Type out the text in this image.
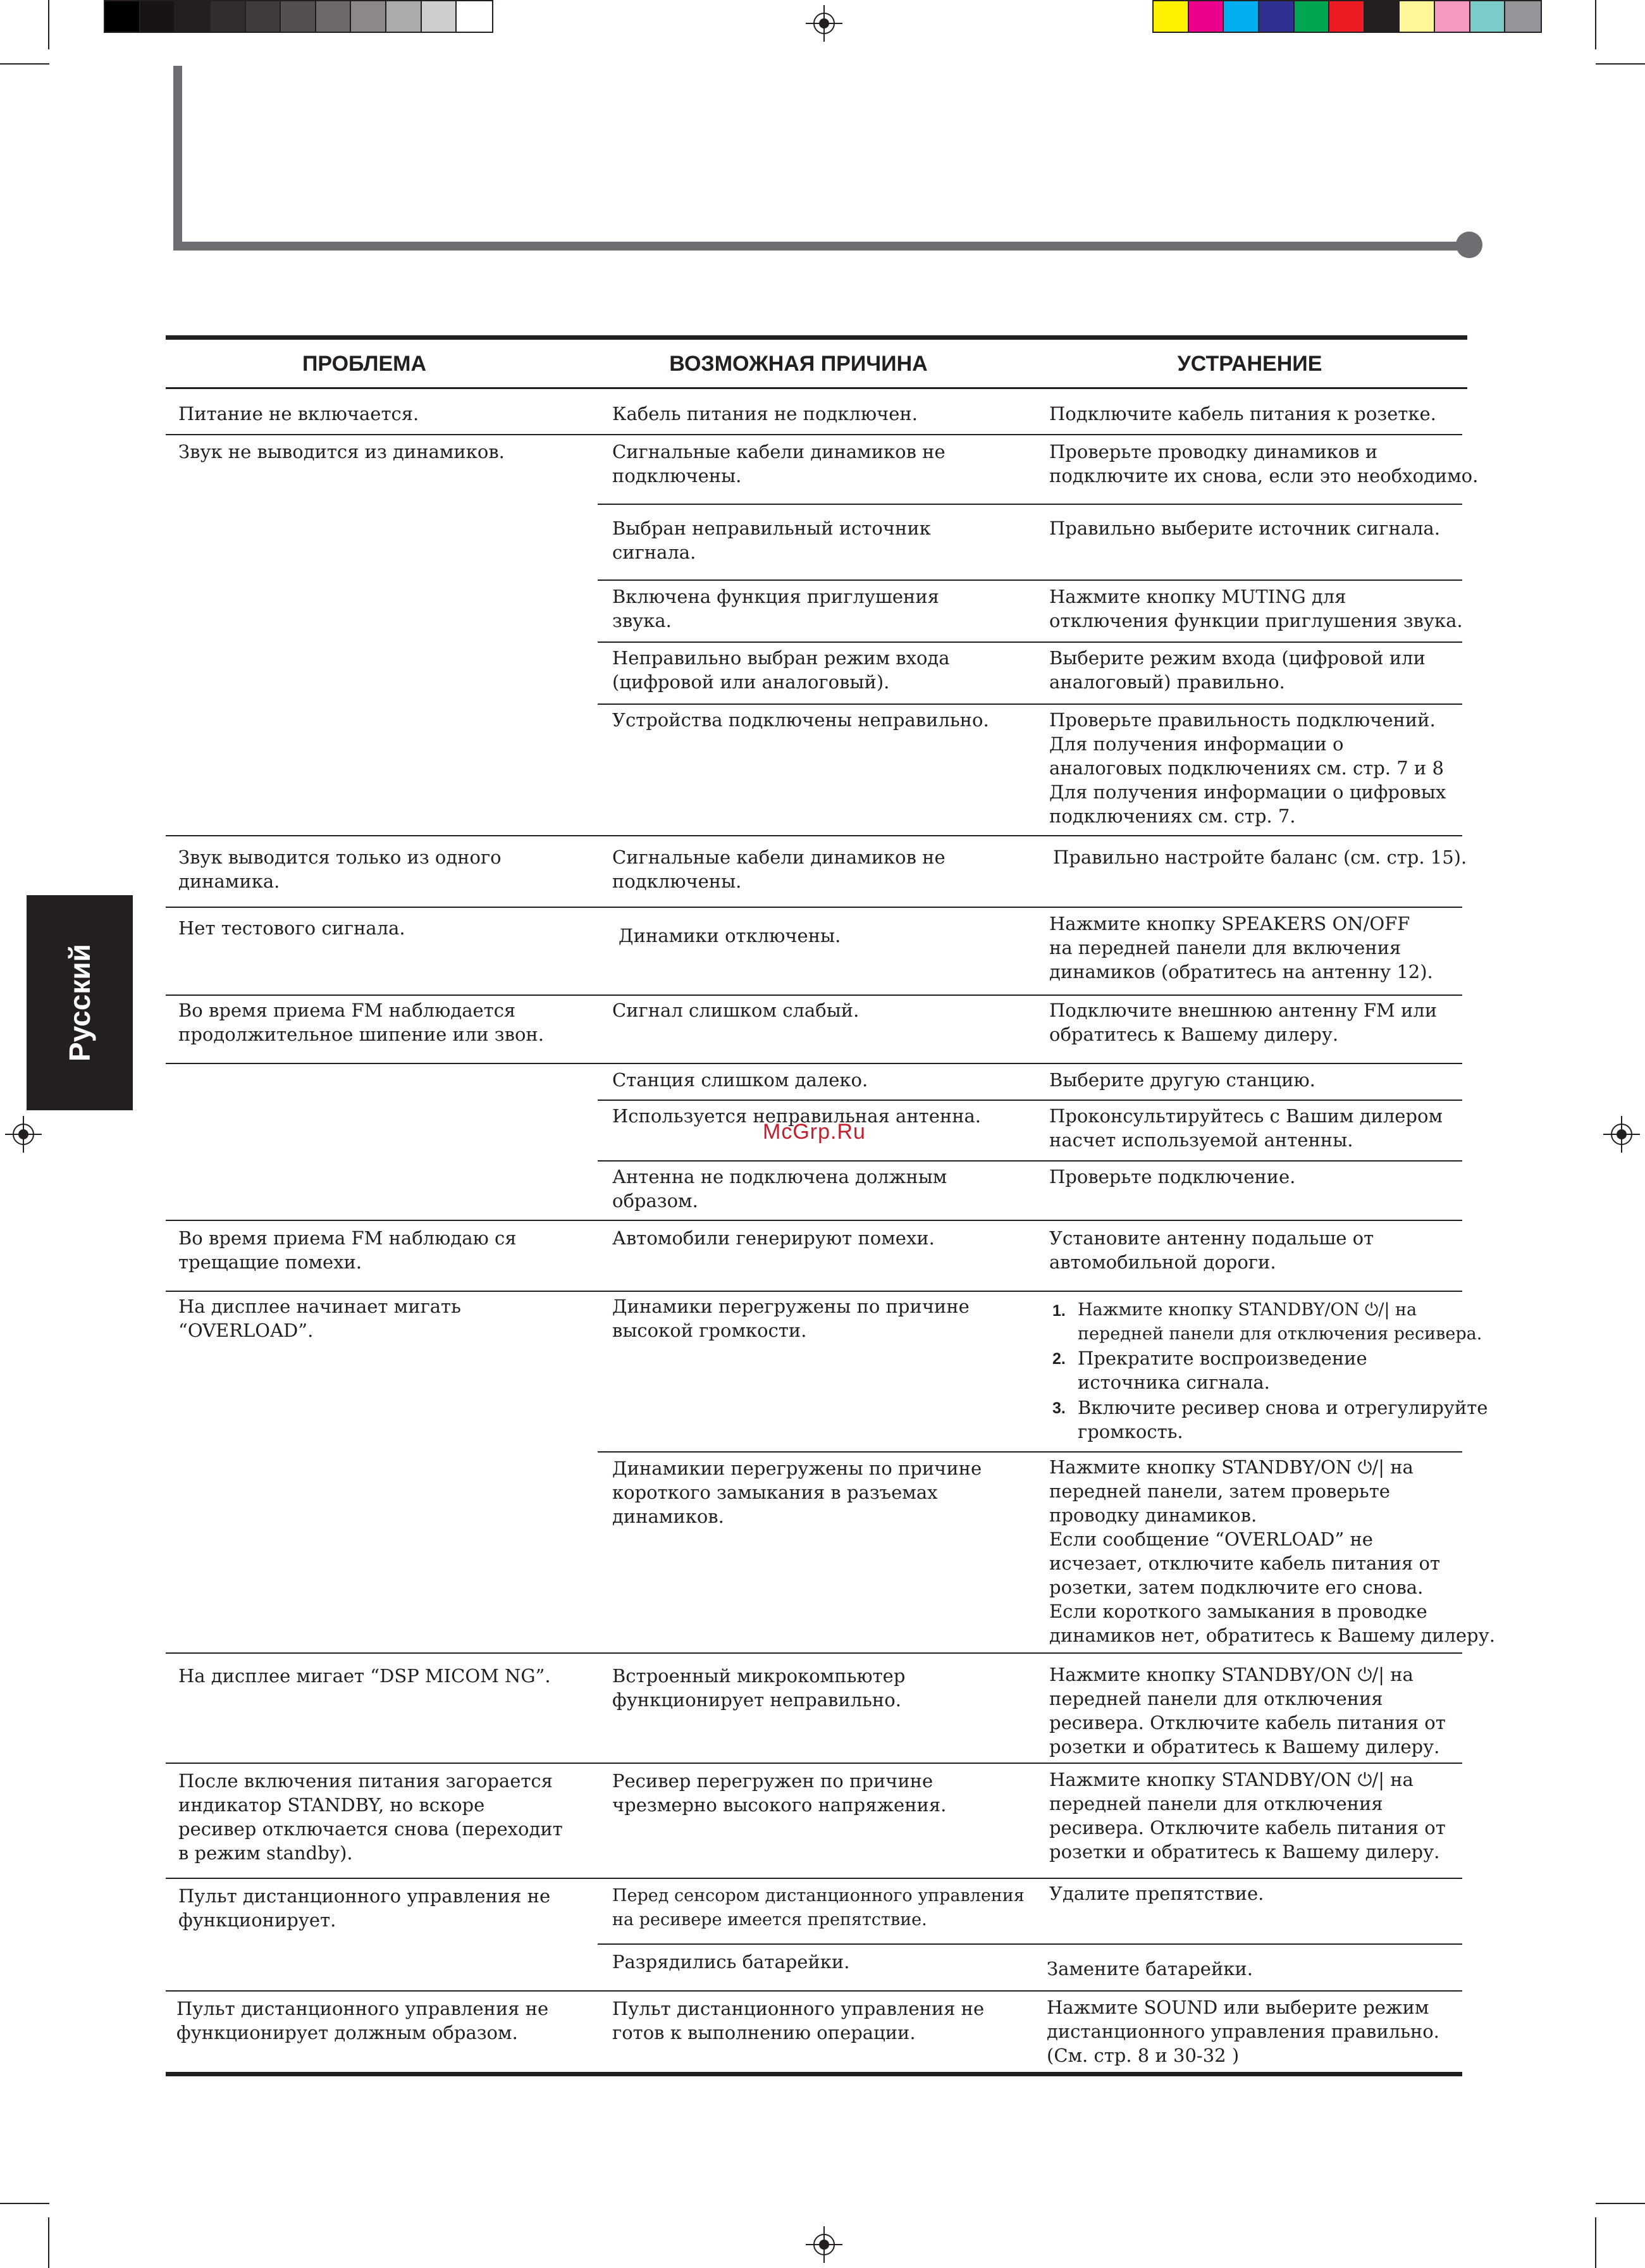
Русский
McGrp.Ru
ПРОБЛЕМА	ВОЗМОЖНАЯ ПРИЧИНА	УСТРАНЕНИЕ
Питание не включается.
Звук не выводится из динамиков.
Звук выводится только из одного
динамика.
Нет тестового сигнала.
Во время приема FM наблюдается
продолжительное шипение или звон.
Во время приема FM наблюдаю ся
трещащие помехи.
На дисплее начинает мигать
“OVERLOAD”.
На дисплее мигает “DSP MICOM NG”.
После включения питания загорается
индикатор STANDBY, но вскоре
ресивер отключается снова (переходит
в режим standby).
Пульт дистанционного управления не
функционирует.
Пульт дистанционного управления не
функционирует должным образом.
Кабель питания не подключен.
Сигнальные кабели динамиков не
подключены.
Выбран неправильный источник
сигнала.
Включена функция приглушения
звука.
Неправильно выбран режим входа
(цифровой или аналоговый).
Устройства подключены неправильно.
Сигнальные кабели динамиков не
подключены.
Динамики отключены.
Сигнал слишком слабый.
Станция слишком далеко.
Используется неправильная антенна.
Антенна не подключена должным
образом.
Автомобили генерируют помехи.
Динамики перегружены по причине
высокой громкости.
Динамикии перегружены по причине
короткого замыкания в разъемах
динамиков.
Встроенный микрокомпьютер
функционирует неправильно.
Ресивер перегружен по причине
чрезмерно высокого напряжения.
Перед сенсором дистанционного управления
на ресивере имеется препятствие.
Разрядились батарейки.
Пульт дистанционного управления не
готов к выполнению операции.
Подключите кабель питания к розетке.
Проверьте проводку динамиков и
подключите их снова, если это необходимо.
Правильно выберите источник сигнала.
Нажмите кнопку MUTING для
отключения функции приглушения звука.
Выберите режим входа (цифровой или
аналоговый) правильно.
Проверьте правильность подключений.
Для получения информации о
аналоговых подключениях см. стр. 7 и 8
Для получения информации о цифровых
подключениях см. стр. 7.
Правильно настройте баланс (см. стр. 15).
Нажмите кнопку SPEAKERS ON/OFF
на передней панели для включения
динамиков (обратитесь на антенну 12).
Подключите внешнюю антенну FM или
обратитесь к Вашему дилеру.
Выберите другую станцию.
Проконсультируйтесь с Вашим дилером
насчет используемой антенны.
Проверьте подключение.
Установите антенну подальше от
автомобильной дороги.
1. Нажмите кнопку STANDBY/ON ⏻/| на
передней панели для отключения ресивера.
2. Прекратите воспроизведение
источника сигнала.
3. Включите ресивер снова и отрегулируйте
громкость.
Нажмите кнопку STANDBY/ON ⏻/| на
передней панели, затем проверьте
проводку динамиков.
Если сообщение “OVERLOAD” не
исчезает, отключите кабель питания от
розетки, затем подключите его снова.
Если короткого замыкания в проводке
динамиков нет, обратитесь к Вашему дилеру.
Нажмите кнопку STANDBY/ON ⏻/| на
передней панели для отключения
ресивера. Отключите кабель питания от
розетки и обратитесь к Вашему дилеру.
Нажмите кнопку STANDBY/ON ⏻/| на
передней панели для отключения
ресивера. Отключите кабель питания от
розетки и обратитесь к Вашему дилеру.
Удалите препятствие.
Замените батарейки.
Нажмите SOUND или выберите режим
дистанционного управления правильно.
(См. стр. 8 и 30-32 )
